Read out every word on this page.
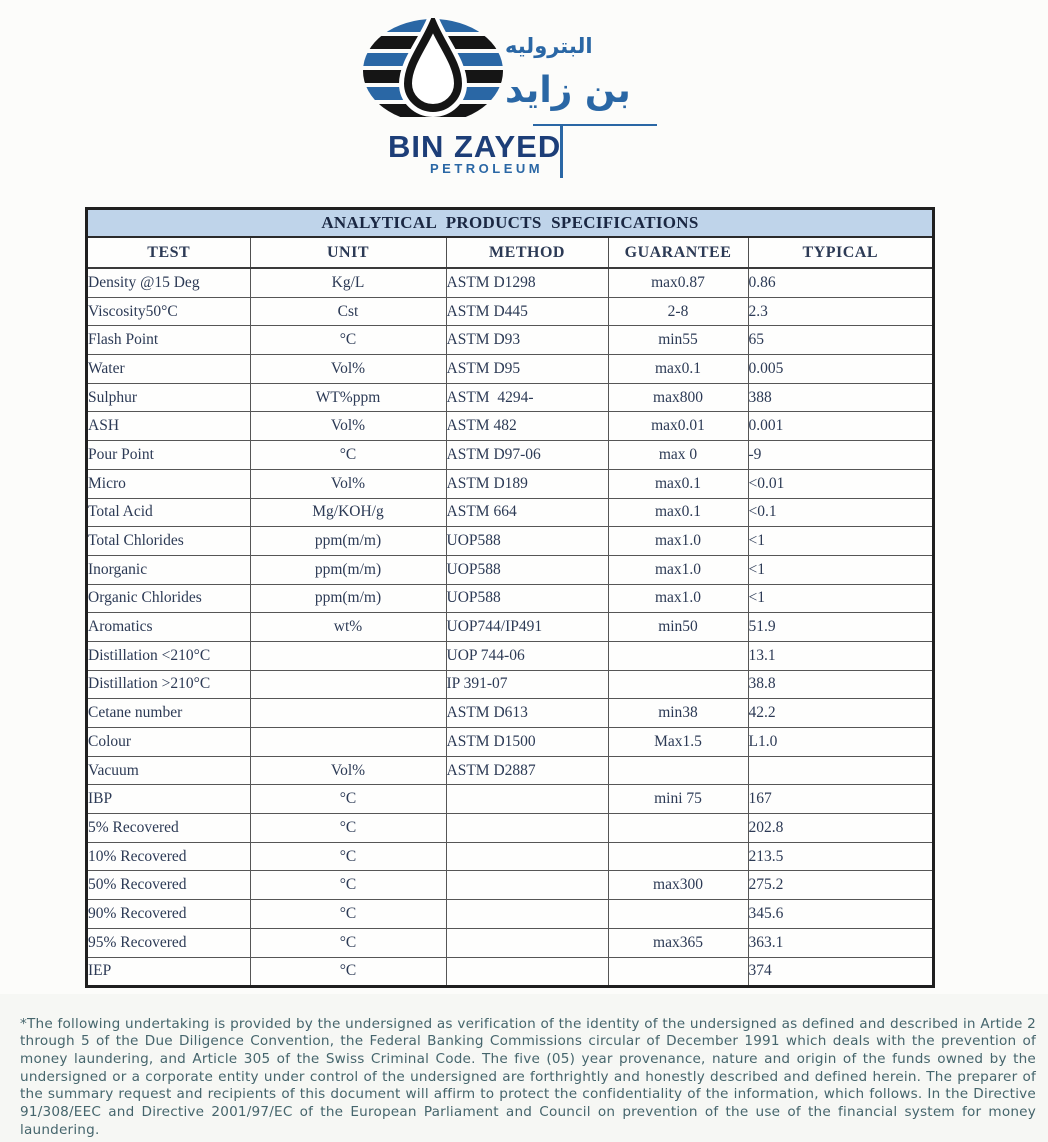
البتروليه
بن زايد
BIN ZAYED
PETROLEUM
ANALYTICAL PRODUCTS SPECIFICATIONS
TEST	UNIT	METHOD	GUARANTEE	TYPICAL
Density @15 Deg	Kg/L	ASTM D1298	max0.87	0.86
Viscosity50°C	Cst	ASTM D445	2-8	2.3
Flash Point	°C	ASTM D93	min55	65
Water	Vol%	ASTM D95	max0.1	0.005
Sulphur	WT%ppm	ASTM  4294-	max800	388
ASH	Vol%	ASTM 482	max0.01	0.001
Pour Point	°C	ASTM D97-06	max 0	-9
Micro	Vol%	ASTM D189	max0.1	<0.01
Total Acid	Mg/KOH/g	ASTM 664	max0.1	<0.1
Total Chlorides	ppm(m/m)	UOP588	max1.0	<1
Inorganic	ppm(m/m)	UOP588	max1.0	<1
Organic Chlorides	ppm(m/m)	UOP588	max1.0	<1
Aromatics	wt%	UOP744/IP491	min50	51.9
Distillation <210°C		UOP 744-06		13.1
Distillation >210°C		IP 391-07		38.8
Cetane number		ASTM D613	min38	42.2
Colour		ASTM D1500	Max1.5	L1.0
Vacuum	Vol%	ASTM D2887		
IBP	°C		mini 75	167
5% Recovered	°C			202.8
10% Recovered	°C			213.5
50% Recovered	°C		max300	275.2
90% Recovered	°C			345.6
95% Recovered	°C		max365	363.1
IEP	°C			374

*The following undertaking is provided by the undersigned as verification of the identity of the undersigned as defined and described in Artide 2 through 5 of the Due Diligence Convention, the Federal Banking Commissions circular of December 1991 which deals with the prevention of money laundering, and Article 305 of the Swiss Criminal Code. The five (05) year provenance, nature and origin of the funds owned by the undersigned or a corporate entity under control of the undersigned are forthrightly and honestly described and defined herein. The preparer of the summary request and recipients of this document will affirm to protect the confidentiality of the information, which follows. In the Directive 91/308/EEC and Directive 2001/97/EC of the European Parliament and Council on prevention of the use of the financial system for money laundering.
